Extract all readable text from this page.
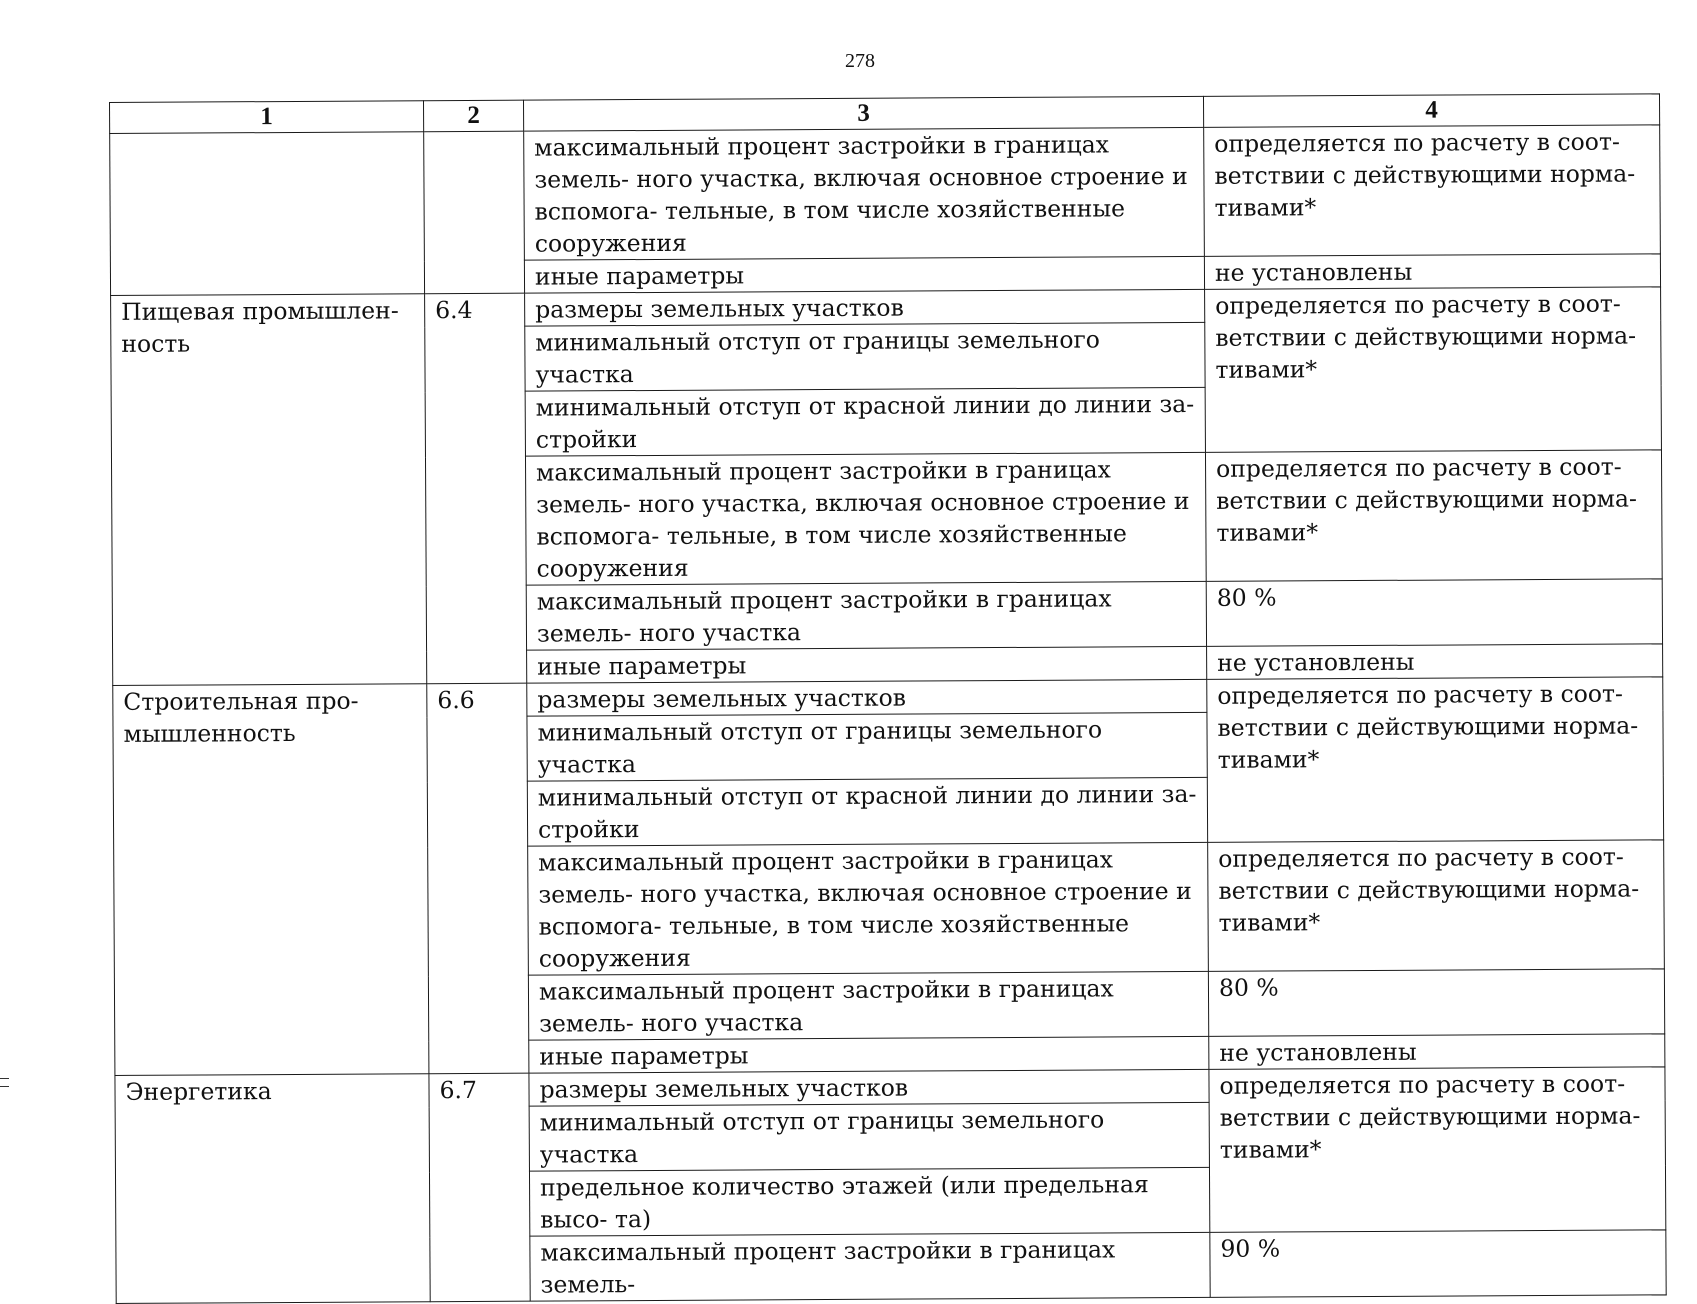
278
1	2	3	4
		максимальный процент застройки в границах земель- ного участка, включая основное строение и вспомога- тельные, в том числе хозяйственные сооружения	определяется по расчету в соот- ветствии с действующими норма- тивами*
		иные параметры	не установлены
Пищевая промышлен- ность	6.4	размеры земельных участков	определяется по расчету в соот- ветствии с действующими норма- тивами*
		минимальный отступ от границы земельного участка	
		минимальный отступ от красной линии до линии за- стройки	
		максимальный процент застройки в границах земель- ного участка, включая основное строение и вспомога- тельные, в том числе хозяйственные сооружения	определяется по расчету в соот- ветствии с действующими норма- тивами*
		максимальный процент застройки в границах земель- ного участка	80 %
		иные параметры	не установлены
Строительная про- мышленность	6.6	размеры земельных участков	определяется по расчету в соот- ветствии с действующими норма- тивами*
		минимальный отступ от границы земельного участка	
		минимальный отступ от красной линии до линии за- стройки	
		максимальный процент застройки в границах земель- ного участка, включая основное строение и вспомога- тельные, в том числе хозяйственные сооружения	определяется по расчету в соот- ветствии с действующими норма- тивами*
		максимальный процент застройки в границах земель- ного участка	80 %
		иные параметры	не установлены
Энергетика	6.7	размеры земельных участков	определяется по расчету в соот- ветствии с действующими норма- тивами*
		минимальный отступ от границы земельного участка	
		предельное количество этажей (или предельная высо- та)	
		максимальный процент застройки в границах земель-	90 %
